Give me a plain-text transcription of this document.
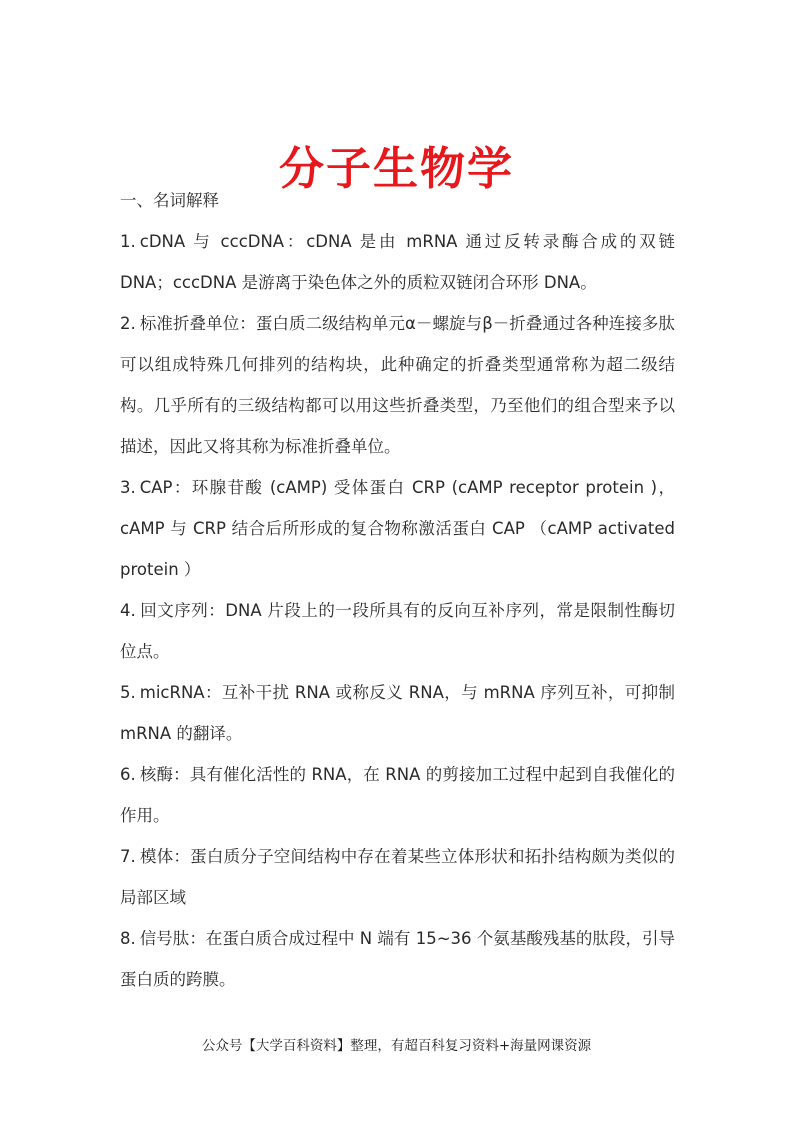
分子生物学

一、名词解释

1. cDNA 与 cccDNA：cDNA 是由 mRNA 通过反转录酶合成的双链 DNA；cccDNA 是游离于染色体之外的质粒双链闭合环形 DNA。

2. 标准折叠单位：蛋白质二级结构单元α－螺旋与β－折叠通过各种连接多肽可以组成特殊几何排列的结构块，此种确定的折叠类型通常称为超二级结构。几乎所有的三级结构都可以用这些折叠类型，乃至他们的组合型来予以描述，因此又将其称为标准折叠单位。

3. CAP：环腺苷酸 (cAMP) 受体蛋白 CRP (cAMP receptor protein )，cAMP 与 CRP 结合后所形成的复合物称激活蛋白 CAP （cAMP activated protein ）

4. 回文序列：DNA 片段上的一段所具有的反向互补序列，常是限制性酶切位点。

5. micRNA：互补干扰 RNA 或称反义 RNA，与 mRNA 序列互补，可抑制 mRNA 的翻译。

6. 核酶：具有催化活性的 RNA，在 RNA 的剪接加工过程中起到自我催化的作用。

7. 模体：蛋白质分子空间结构中存在着某些立体形状和拓扑结构颇为类似的局部区域

8. 信号肽：在蛋白质合成过程中 N 端有 15~36 个氨基酸残基的肽段，引导蛋白质的跨膜。

公众号【大学百科资料】整理，有超百科复习资料+海量网课资源
